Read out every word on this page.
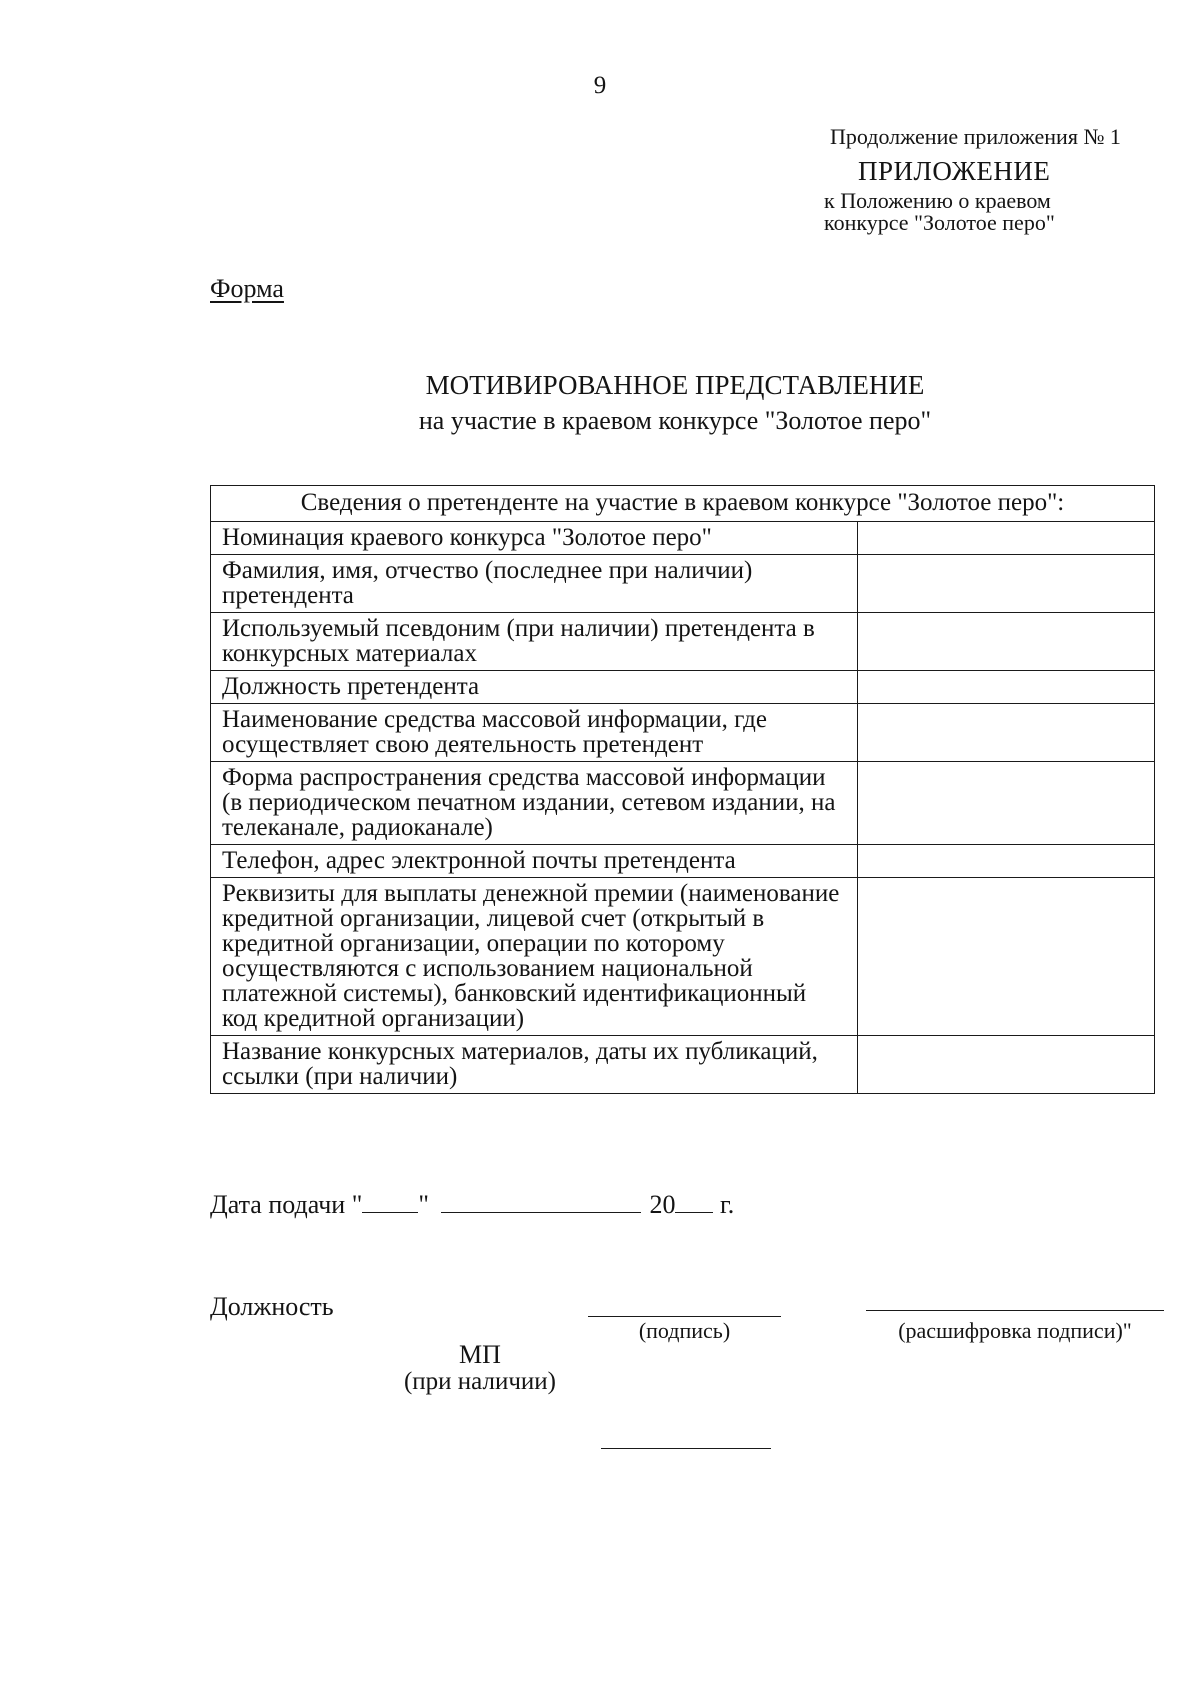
9
Продолжение приложения № 1
ПРИЛОЖЕНИЕ
к Положению о краевом
конкурсе "Золотое перо"
Форма
МОТИВИРОВАННОЕ ПРЕДСТАВЛЕНИЕ
на участие в краевом конкурсе "Золотое перо"
Сведения о претенденте на участие в краевом конкурсе "Золотое перо":	
Номинация краевого конкурса "Золотое перо"	
Фамилия, имя, отчество (последнее при наличии) претендента	
Используемый псевдоним (при наличии) претендента в конкурсных материалах	
Должность претендента	
Наименование средства массовой информации, где осуществляет свою деятельность претендент	
Форма распространения средства массовой информации (в периодическом печатном издании, сетевом издании, на телеканале, радиоканале)	
Телефон, адрес электронной почты претендента	
Реквизиты для выплаты денежной премии (наименование кредитной организации, лицевой счет (открытый в кредитной организации, операции по которому осуществляются с использованием национальной платежной системы), банковский идентификационный код кредитной организации)	
Название конкурсных материалов, даты их публикаций, ссылки (при наличии)	
Дата подачи " "	20 г.
Должность
(подпись)	(расшифровка подписи)"
МП
(при наличии)
